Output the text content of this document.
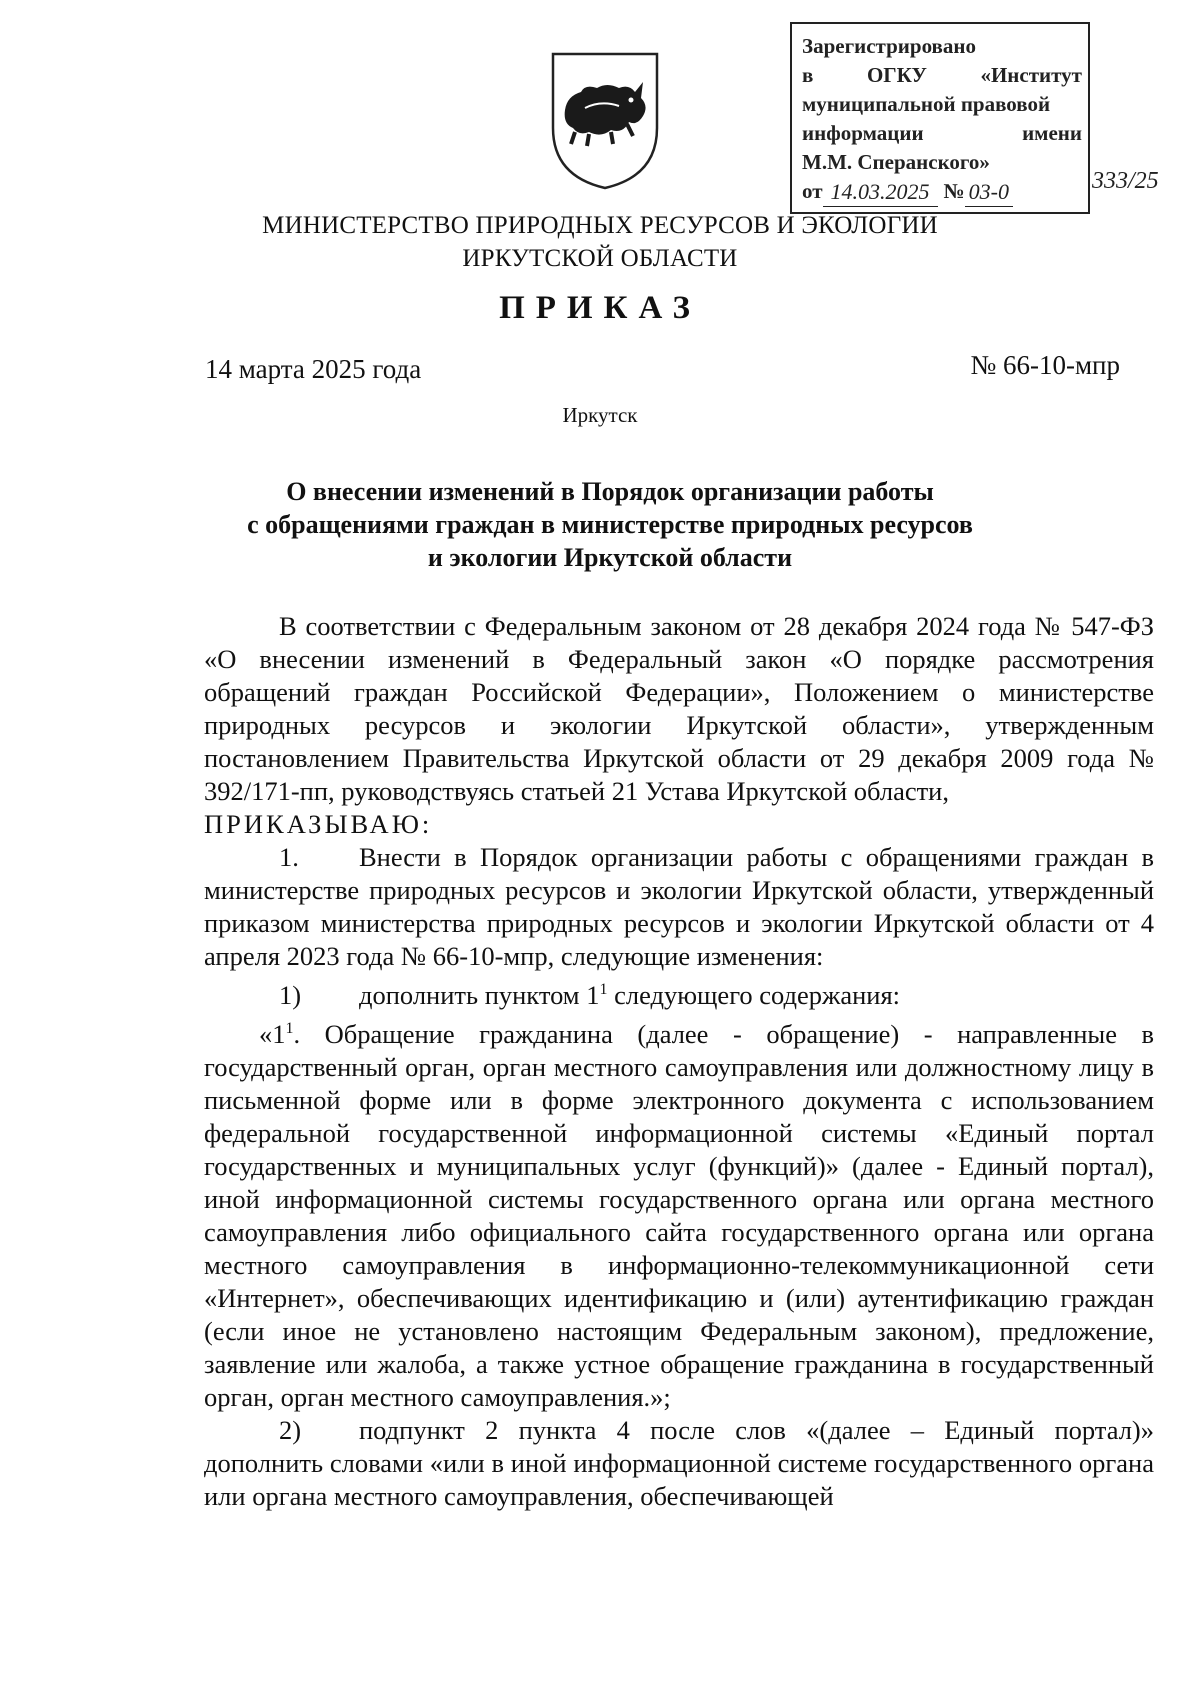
Зарегистрировано
в	ОГКУ	«Институт
муниципальной правовой
информации	имени
М.М. Сперанского»
от 14.03.2025 № 03-0	333/25
МИНИСТЕРСТВО ПРИРОДНЫХ РЕСУРСОВ И ЭКОЛОГИИ
ИРКУТСКОЙ ОБЛАСТИ
ПРИКАЗ
14 марта 2025 года	№ 66-10-мпр
Иркутск
О внесении изменений в Порядок организации работы
с обращениями граждан в министерстве природных ресурсов
и экологии Иркутской области

В соответствии с Федеральным законом от 28 декабря 2024 года № 547-ФЗ «О внесении изменений в Федеральный закон «О порядке рассмотрения обращений граждан Российской Федерации», Положением о министерстве природных ресурсов и экологии Иркутской области», утвержденным постановлением Правительства Иркутской области от 29 декабря 2009 года № 392/171-пп, руководствуясь статьей 21 Устава Иркутской области,

ПРИКАЗЫВАЮ:

1. Внести в Порядок организации работы с обращениями граждан в министерстве природных ресурсов и экологии Иркутской области, утвержденный приказом министерства природных ресурсов и экологии Иркутской области от 4 апреля 2023 года № 66-10-мпр, следующие изменения:

1) дополнить пунктом $1^1$ следующего содержания:

«$1^1$. Обращение гражданина (далее - обращение) - направленные в государственный орган, орган местного самоуправления или должностному лицу в письменной форме или в форме электронного документа с использованием федеральной государственной информационной системы «Единый портал государственных и муниципальных услуг (функций)» (далее - Единый портал), иной информационной системы государственного органа или органа местного самоуправления либо официального сайта государственного органа или органа местного самоуправления в информационно-телекоммуникационной сети «Интернет», обеспечивающих идентификацию и (или) аутентификацию граждан (если иное не установлено настоящим Федеральным законом), предложение, заявление или жалоба, а также устное обращение гражданина в государственный орган, орган местного самоуправления.»;

2) подпункт 2 пункта 4 после слов «(далее – Единый портал)» дополнить словами «или в иной информационной системе государственного органа или органа местного самоуправления, обеспечивающей
